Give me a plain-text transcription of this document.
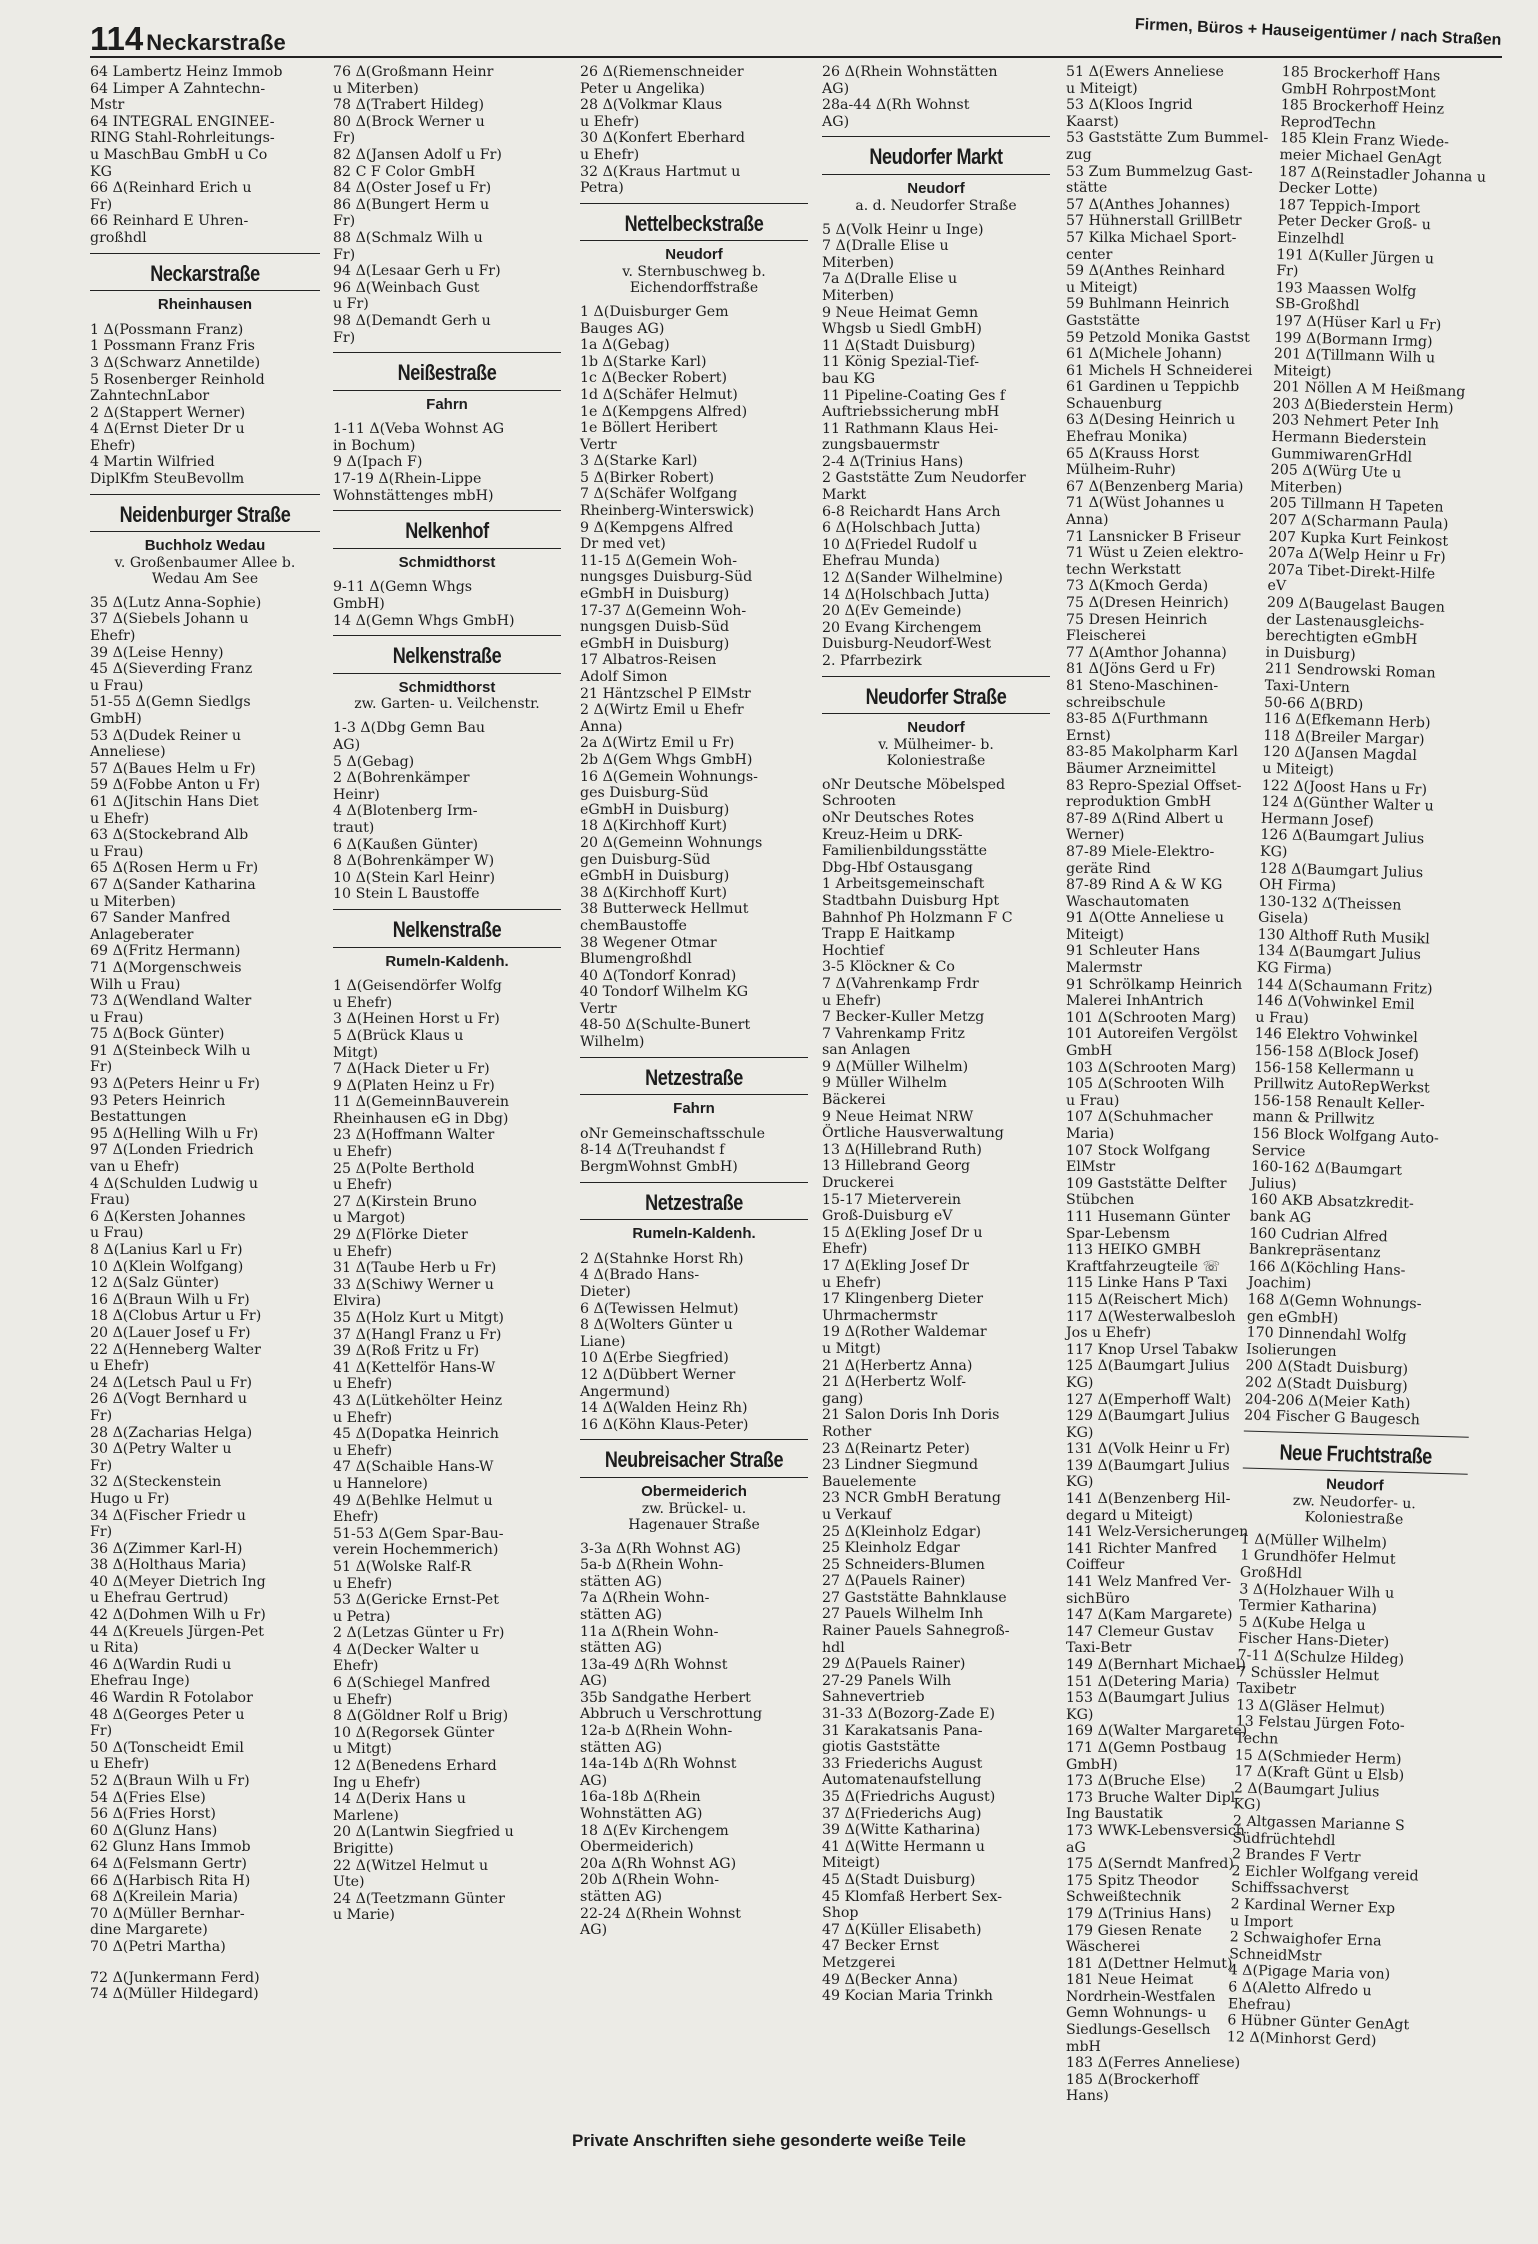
114 Neckarstraße	Firmen, Büros + Hauseigentümer / nach Straßen
64 Lambertz Heinz Immob
64 Limper A Zahntechn-
Mstr
64 INTEGRAL ENGINEE-
RING Stahl-Rohrleitungs-
u MaschBau GmbH u Co
KG
66 Δ(Reinhard Erich u
Fr)
66 Reinhard E Uhren-
großhdl
Neckarstraße
Rheinhausen
1 Δ(Possmann Franz)
1 Possmann Franz Fris
3 Δ(Schwarz Annetilde)
5 Rosenberger Reinhold
ZahntechnLabor
2 Δ(Stappert Werner)
4 Δ(Ernst Dieter Dr u
Ehefr)
4 Martin Wilfried
DiplKfm SteuBevollm
Neidenburger Straße
Buchholz Wedau
v. Großenbaumer Allee b.
Wedau Am See
35 Δ(Lutz Anna-Sophie)
37 Δ(Siebels Johann u
Ehefr)
39 Δ(Leise Henny)
45 Δ(Sieverding Franz
u Frau)
51-55 Δ(Gemn Siedlgs
GmbH)
53 Δ(Dudek Reiner u
Anneliese)
57 Δ(Baues Helm u Fr)
59 Δ(Fobbe Anton u Fr)
61 Δ(Jitschin Hans Diet
u Ehefr)
63 Δ(Stockebrand Alb
u Frau)
65 Δ(Rosen Herm u Fr)
67 Δ(Sander Katharina
u Miterben)
67 Sander Manfred
Anlageberater
69 Δ(Fritz Hermann)
71 Δ(Morgenschweis
Wilh u Frau)
73 Δ(Wendland Walter
u Frau)
75 Δ(Bock Günter)
91 Δ(Steinbeck Wilh u
Fr)
93 Δ(Peters Heinr u Fr)
93 Peters Heinrich
Bestattungen
95 Δ(Helling Wilh u Fr)
97 Δ(Londen Friedrich
van u Ehefr)
4 Δ(Schulden Ludwig u
Frau)
6 Δ(Kersten Johannes
u Frau)
8 Δ(Lanius Karl u Fr)
10 Δ(Klein Wolfgang)
12 Δ(Salz Günter)
16 Δ(Braun Wilh u Fr)
18 Δ(Clobus Artur u Fr)
20 Δ(Lauer Josef u Fr)
22 Δ(Henneberg Walter
u Ehefr)
24 Δ(Letsch Paul u Fr)
26 Δ(Vogt Bernhard u
Fr)
28 Δ(Zacharias Helga)
30 Δ(Petry Walter u
Fr)
32 Δ(Steckenstein
Hugo u Fr)
34 Δ(Fischer Friedr u
Fr)
36 Δ(Zimmer Karl-H)
38 Δ(Holthaus Maria)
40 Δ(Meyer Dietrich Ing
u Ehefrau Gertrud)
42 Δ(Dohmen Wilh u Fr)
44 Δ(Kreuels Jürgen-Pet
u Rita)
46 Δ(Wardin Rudi u
Ehefrau Inge)
46 Wardin R Fotolabor
48 Δ(Georges Peter u
Fr)
50 Δ(Tonscheidt Emil
u Ehefr)
52 Δ(Braun Wilh u Fr)
54 Δ(Fries Else)
56 Δ(Fries Horst)
60 Δ(Glunz Hans)
62 Glunz Hans Immob
64 Δ(Felsmann Gertr)
66 Δ(Harbisch Rita H)
68 Δ(Kreilein Maria)
70 Δ(Müller Bernhar-
dine Margarete)
70 Δ(Petri Martha)
72 Δ(Junkermann Ferd)
74 Δ(Müller Hildegard)
76 Δ(Großmann Heinr
u Miterben)
78 Δ(Trabert Hildeg)
80 Δ(Brock Werner u
Fr)
82 Δ(Jansen Adolf u Fr)
82 C F Color GmbH
84 Δ(Oster Josef u Fr)
86 Δ(Bungert Herm u
Fr)
88 Δ(Schmalz Wilh u
Fr)
94 Δ(Lesaar Gerh u Fr)
96 Δ(Weinbach Gust
u Fr)
98 Δ(Demandt Gerh u
Fr)
Neißestraße
Fahrn
1-11 Δ(Veba Wohnst AG
in Bochum)
9 Δ(Ipach F)
17-19 Δ(Rhein-Lippe
Wohnstättenges mbH)
Nelkenhof
Schmidthorst
9-11 Δ(Gemn Whgs
GmbH)
14 Δ(Gemn Whgs GmbH)
Nelkenstraße
Schmidthorst
zw. Garten- u. Veilchenstr.
1-3 Δ(Dbg Gemn Bau
AG)
5 Δ(Gebag)
2 Δ(Bohrenkämper
Heinr)
4 Δ(Blotenberg Irm-
traut)
6 Δ(Kaußen Günter)
8 Δ(Bohrenkämper W)
10 Δ(Stein Karl Heinr)
10 Stein L Baustoffe
Nelkenstraße
Rumeln-Kaldenh.
1 Δ(Geisendörfer Wolfg
u Ehefr)
3 Δ(Heinen Horst u Fr)
5 Δ(Brück Klaus u
Mitgt)
7 Δ(Hack Dieter u Fr)
9 Δ(Platen Heinz u Fr)
11 Δ(GemeinnBauverein
Rheinhausen eG in Dbg)
23 Δ(Hoffmann Walter
u Ehefr)
25 Δ(Polte Berthold
u Ehefr)
27 Δ(Kirstein Bruno
u Margot)
29 Δ(Flörke Dieter
u Ehefr)
31 Δ(Taube Herb u Fr)
33 Δ(Schiwy Werner u
Elvira)
35 Δ(Holz Kurt u Mitgt)
37 Δ(Hangl Franz u Fr)
39 Δ(Roß Fritz u Fr)
41 Δ(Kettelför Hans-W
u Ehefr)
43 Δ(Lütkehölter Heinz
u Ehefr)
45 Δ(Dopatka Heinrich
u Ehefr)
47 Δ(Schaible Hans-W
u Hannelore)
49 Δ(Behlke Helmut u
Ehefr)
51-53 Δ(Gem Spar-Bau-
verein Hochemmerich)
51 Δ(Wolske Ralf-R
u Ehefr)
53 Δ(Gericke Ernst-Pet
u Petra)
2 Δ(Letzas Günter u Fr)
4 Δ(Decker Walter u
Ehefr)
6 Δ(Schiegel Manfred
u Ehefr)
8 Δ(Göldner Rolf u Brig)
10 Δ(Regorsek Günter
u Mitgt)
12 Δ(Benedens Erhard
Ing u Ehefr)
14 Δ(Derix Hans u
Marlene)
20 Δ(Lantwin Siegfried u
Brigitte)
22 Δ(Witzel Helmut u
Ute)
24 Δ(Teetzmann Günter
u Marie)
26 Δ(Riemenschneider
Peter u Angelika)
28 Δ(Volkmar Klaus
u Ehefr)
30 Δ(Konfert Eberhard
u Ehefr)
32 Δ(Kraus Hartmut u
Petra)
Nettelbeckstraße
Neudorf
v. Sternbuschweg b.
Eichendorffstraße
1 Δ(Duisburger Gem
Bauges AG)
1a Δ(Gebag)
1b Δ(Starke Karl)
1c Δ(Becker Robert)
1d Δ(Schäfer Helmut)
1e Δ(Kempgens Alfred)
1e Böllert Heribert
Vertr
3 Δ(Starke Karl)
5 Δ(Birker Robert)
7 Δ(Schäfer Wolfgang
Rheinberg-Winterswick)
9 Δ(Kempgens Alfred
Dr med vet)
11-15 Δ(Gemein Woh-
nungsges Duisburg-Süd
eGmbH in Duisburg)
17-37 Δ(Gemeinn Woh-
nungsgen Duisb-Süd
eGmbH in Duisburg)
17 Albatros-Reisen
Adolf Simon
21 Häntzschel P ElMstr
2 Δ(Wirtz Emil u Ehefr
Anna)
2a Δ(Wirtz Emil u Fr)
2b Δ(Gem Whgs GmbH)
16 Δ(Gemein Wohnungs-
ges Duisburg-Süd
eGmbH in Duisburg)
18 Δ(Kirchhoff Kurt)
20 Δ(Gemeinn Wohnungs
gen Duisburg-Süd
eGmbH in Duisburg)
38 Δ(Kirchhoff Kurt)
38 Butterweck Hellmut
chemBaustoffe
38 Wegener Otmar
Blumengroßhdl
40 Δ(Tondorf Konrad)
40 Tondorf Wilhelm KG
Vertr
48-50 Δ(Schulte-Bunert
Wilhelm)
Netzestraße
Fahrn
oNr Gemeinschaftsschule
8-14 Δ(Treuhandst f
BergmWohnst GmbH)
Netzestraße
Rumeln-Kaldenh.
2 Δ(Stahnke Horst Rh)
4 Δ(Brado Hans-
Dieter)
6 Δ(Tewissen Helmut)
8 Δ(Wolters Günter u
Liane)
10 Δ(Erbe Siegfried)
12 Δ(Dübbert Werner
Angermund)
14 Δ(Walden Heinz Rh)
16 Δ(Köhn Klaus-Peter)
Neubreisacher Straße
Obermeiderich
zw. Brückel- u.
Hagenauer Straße
3-3a Δ(Rh Wohnst AG)
5a-b Δ(Rhein Wohn-
stätten AG)
7a Δ(Rhein Wohn-
stätten AG)
11a Δ(Rhein Wohn-
stätten AG)
13a-49 Δ(Rh Wohnst
AG)
35b Sandgathe Herbert
Abbruch u Verschrottung
12a-b Δ(Rhein Wohn-
stätten AG)
14a-14b Δ(Rh Wohnst
AG)
16a-18b Δ(Rhein
Wohnstätten AG)
18 Δ(Ev Kirchengem
Obermeiderich)
20a Δ(Rh Wohnst AG)
20b Δ(Rhein Wohn-
stätten AG)
22-24 Δ(Rhein Wohnst
AG)
26 Δ(Rhein Wohnstätten
AG)
28a-44 Δ(Rh Wohnst
AG)
Neudorfer Markt
Neudorf
a. d. Neudorfer Straße
5 Δ(Volk Heinr u Inge)
7 Δ(Dralle Elise u
Miterben)
7a Δ(Dralle Elise u
Miterben)
9 Neue Heimat Gemn
Whgsb u Siedl GmbH)
11 Δ(Stadt Duisburg)
11 König Spezial-Tief-
bau KG
11 Pipeline-Coating Ges f
Auftriebssicherung mbH
11 Rathmann Klaus Hei-
zungsbauermstr
2-4 Δ(Trinius Hans)
2 Gaststätte Zum Neudorfer
Markt
6-8 Reichardt Hans Arch
6 Δ(Holschbach Jutta)
10 Δ(Friedel Rudolf u
Ehefrau Munda)
12 Δ(Sander Wilhelmine)
14 Δ(Holschbach Jutta)
20 Δ(Ev Gemeinde)
20 Evang Kirchengem
Duisburg-Neudorf-West
2. Pfarrbezirk
Neudorfer Straße
Neudorf
v. Mülheimer- b.
Koloniestraße
oNr Deutsche Möbelsped
Schrooten
oNr Deutsches Rotes
Kreuz-Heim u DRK-
Familienbildungsstätte
Dbg-Hbf Ostausgang
1 Arbeitsgemeinschaft
Stadtbahn Duisburg Hpt
Bahnhof Ph Holzmann F C
Trapp E Haitkamp
Hochtief
3-5 Klöckner & Co
7 Δ(Vahrenkamp Frdr
u Ehefr)
7 Becker-Kuller Metzg
7 Vahrenkamp Fritz
san Anlagen
9 Δ(Müller Wilhelm)
9 Müller Wilhelm
Bäckerei
9 Neue Heimat NRW
Örtliche Hausverwaltung
13 Δ(Hillebrand Ruth)
13 Hillebrand Georg
Druckerei
15-17 Mieterverein
Groß-Duisburg eV
15 Δ(Ekling Josef Dr u
Ehefr)
17 Δ(Ekling Josef Dr
u Ehefr)
17 Klingenberg Dieter
Uhrmachermstr
19 Δ(Rother Waldemar
u Mitgt)
21 Δ(Herbertz Anna)
21 Δ(Herbertz Wolf-
gang)
21 Salon Doris Inh Doris
Rother
23 Δ(Reinartz Peter)
23 Lindner Siegmund
Bauelemente
23 NCR GmbH Beratung
u Verkauf
25 Δ(Kleinholz Edgar)
25 Kleinholz Edgar
25 Schneiders-Blumen
27 Δ(Pauels Rainer)
27 Gaststätte Bahnklause
27 Pauels Wilhelm Inh
Rainer Pauels Sahnegroß-
hdl
29 Δ(Pauels Rainer)
27-29 Panels Wilh
Sahnevertrieb
31-33 Δ(Bozorg-Zade E)
31 Karakatsanis Pana-
giotis Gaststätte
33 Friederichs August
Automatenaufstellung
35 Δ(Friedrichs August)
37 Δ(Friederichs Aug)
39 Δ(Witte Katharina)
41 Δ(Witte Hermann u
Miteigt)
45 Δ(Stadt Duisburg)
45 Klomfaß Herbert Sex-
Shop
47 Δ(Küller Elisabeth)
47 Becker Ernst
Metzgerei
49 Δ(Becker Anna)
49 Kocian Maria Trinkh
51 Δ(Ewers Anneliese
u Miteigt)
53 Δ(Kloos Ingrid
Kaarst)
53 Gaststätte Zum Bummel-
zug
53 Zum Bummelzug Gast-
stätte
57 Δ(Anthes Johannes)
57 Hühnerstall GrillBetr
57 Kilka Michael Sport-
center
59 Δ(Anthes Reinhard
u Miteigt)
59 Buhlmann Heinrich
Gaststätte
59 Petzold Monika Gastst
61 Δ(Michele Johann)
61 Michels H Schneiderei
61 Gardinen u Teppichb
Schauenburg
63 Δ(Desing Heinrich u
Ehefrau Monika)
65 Δ(Krauss Horst
Mülheim-Ruhr)
67 Δ(Benzenberg Maria)
71 Δ(Wüst Johannes u
Anna)
71 Lansnicker B Friseur
71 Wüst u Zeien elektro-
techn Werkstatt
73 Δ(Kmoch Gerda)
75 Δ(Dresen Heinrich)
75 Dresen Heinrich
Fleischerei
77 Δ(Amthor Johanna)
81 Δ(Jöns Gerd u Fr)
81 Steno-Maschinen-
schreibschule
83-85 Δ(Furthmann
Ernst)
83-85 Makolpharm Karl
Bäumer Arzneimittel
83 Repro-Spezial Offset-
reproduktion GmbH
87-89 Δ(Rind Albert u
Werner)
87-89 Miele-Elektro-
geräte Rind
87-89 Rind A & W KG
Waschautomaten
91 Δ(Otte Anneliese u
Miteigt)
91 Schleuter Hans
Malermstr
91 Schrölkamp Heinrich
Malerei InhAntrich
101 Δ(Schrooten Marg)
101 Autoreifen Vergölst
GmbH
103 Δ(Schrooten Marg)
105 Δ(Schrooten Wilh
u Frau)
107 Δ(Schuhmacher
Maria)
107 Stock Wolfgang
ElMstr
109 Gaststätte Delfter
Stübchen
111 Husemann Günter
Spar-Lebensm
113 HEIKO GMBH
Kraftfahrzeugteile ☏
115 Linke Hans P Taxi
115 Δ(Reischert Mich)
117 Δ(Westerwalbesloh
Jos u Ehefr)
117 Knop Ursel Tabakw
125 Δ(Baumgart Julius
KG)
127 Δ(Emperhoff Walt)
129 Δ(Baumgart Julius
KG)
131 Δ(Volk Heinr u Fr)
139 Δ(Baumgart Julius
KG)
141 Δ(Benzenberg Hil-
degard u Miteigt)
141 Welz-Versicherungen
141 Richter Manfred
Coiffeur
141 Welz Manfred Ver-
sichBüro
147 Δ(Kam Margarete)
147 Clemeur Gustav
Taxi-Betr
149 Δ(Bernhart Michael)
151 Δ(Detering Maria)
153 Δ(Baumgart Julius
KG)
169 Δ(Walter Margarete)
171 Δ(Gemn Postbaug
GmbH)
173 Δ(Bruche Else)
173 Bruche Walter Dipl-
Ing Baustatik
173 WWK-Lebensversich
aG
175 Δ(Serndt Manfred)
175 Spitz Theodor
Schweißtechnik
179 Δ(Trinius Hans)
179 Giesen Renate
Wäscherei
181 Δ(Dettner Helmut)
181 Neue Heimat
Nordrhein-Westfalen
Gemn Wohnungs- u
Siedlungs-Gesellsch
mbH
183 Δ(Ferres Anneliese)
185 Δ(Brockerhoff
Hans)
185 Brockerhoff Hans
GmbH RohrpostMont
185 Brockerhoff Heinz
ReprodTechn
185 Klein Franz Wiede-
meier Michael GenAgt
187 Δ(Reinstadler Johanna u
Decker Lotte)
187 Teppich-Import
Peter Decker Groß- u
Einzelhdl
191 Δ(Kuller Jürgen u
Fr)
193 Maassen Wolfg
SB-Großhdl
197 Δ(Hüser Karl u Fr)
199 Δ(Bormann Irmg)
201 Δ(Tillmann Wilh u
Miteigt)
201 Nöllen A M Heißmang
203 Δ(Biederstein Herm)
203 Nehmert Peter Inh
Hermann Biederstein
GummiwarenGrHdl
205 Δ(Würg Ute u
Miterben)
205 Tillmann H Tapeten
207 Δ(Scharmann Paula)
207 Kupka Kurt Feinkost
207a Δ(Welp Heinr u Fr)
207a Tibet-Direkt-Hilfe
eV
209 Δ(Baugelast Baugen
der Lastenausgleichs-
berechtigten eGmbH
in Duisburg)
211 Sendrowski Roman
Taxi-Untern
50-66 Δ(BRD)
116 Δ(Efkemann Herb)
118 Δ(Breiler Margar)
120 Δ(Jansen Magdal
u Miteigt)
122 Δ(Joost Hans u Fr)
124 Δ(Günther Walter u
Hermann Josef)
126 Δ(Baumgart Julius
KG)
128 Δ(Baumgart Julius
OH Firma)
130-132 Δ(Theissen
Gisela)
130 Althoff Ruth Musikl
134 Δ(Baumgart Julius
KG Firma)
144 Δ(Schaumann Fritz)
146 Δ(Vohwinkel Emil
u Frau)
146 Elektro Vohwinkel
156-158 Δ(Block Josef)
156-158 Kellermann u
Prillwitz AutoRepWerkst
156-158 Renault Keller-
mann & Prillwitz
156 Block Wolfgang Auto-
Service
160-162 Δ(Baumgart
Julius)
160 AKB Absatzkredit-
bank AG
160 Cudrian Alfred
Bankrepräsentanz
166 Δ(Köchling Hans-
Joachim)
168 Δ(Gemn Wohnungs-
gen eGmbH)
170 Dinnendahl Wolfg
Isolierungen
200 Δ(Stadt Duisburg)
202 Δ(Stadt Duisburg)
204-206 Δ(Meier Kath)
204 Fischer G Baugesch
Neue Fruchtstraße
Neudorf
zw. Neudorfer- u.
Koloniestraße
1 Δ(Müller Wilhelm)
1 Grundhöfer Helmut
GroßHdl
3 Δ(Holzhauer Wilh u
Termier Katharina)
5 Δ(Kube Helga u
Fischer Hans-Dieter)
7-11 Δ(Schulze Hildeg)
7 Schüssler Helmut
Taxibetr
13 Δ(Gläser Helmut)
13 Felstau Jürgen Foto-
Techn
15 Δ(Schmieder Herm)
17 Δ(Kraft Günt u Elsb)
2 Δ(Baumgart Julius
KG)
2 Altgassen Marianne S
Südfrüchtehdl
2 Brandes F Vertr
2 Eichler Wolfgang vereid
Schiffssachverst
2 Kardinal Werner Exp
u Import
2 Schwaighofer Erna
SchneidMstr
4 Δ(Pigage Maria von)
6 Δ(Aletto Alfredo u
Ehefrau)
6 Hübner Günter GenAgt
12 Δ(Minhorst Gerd)
Private Anschriften siehe gesonderte weiße Teile
